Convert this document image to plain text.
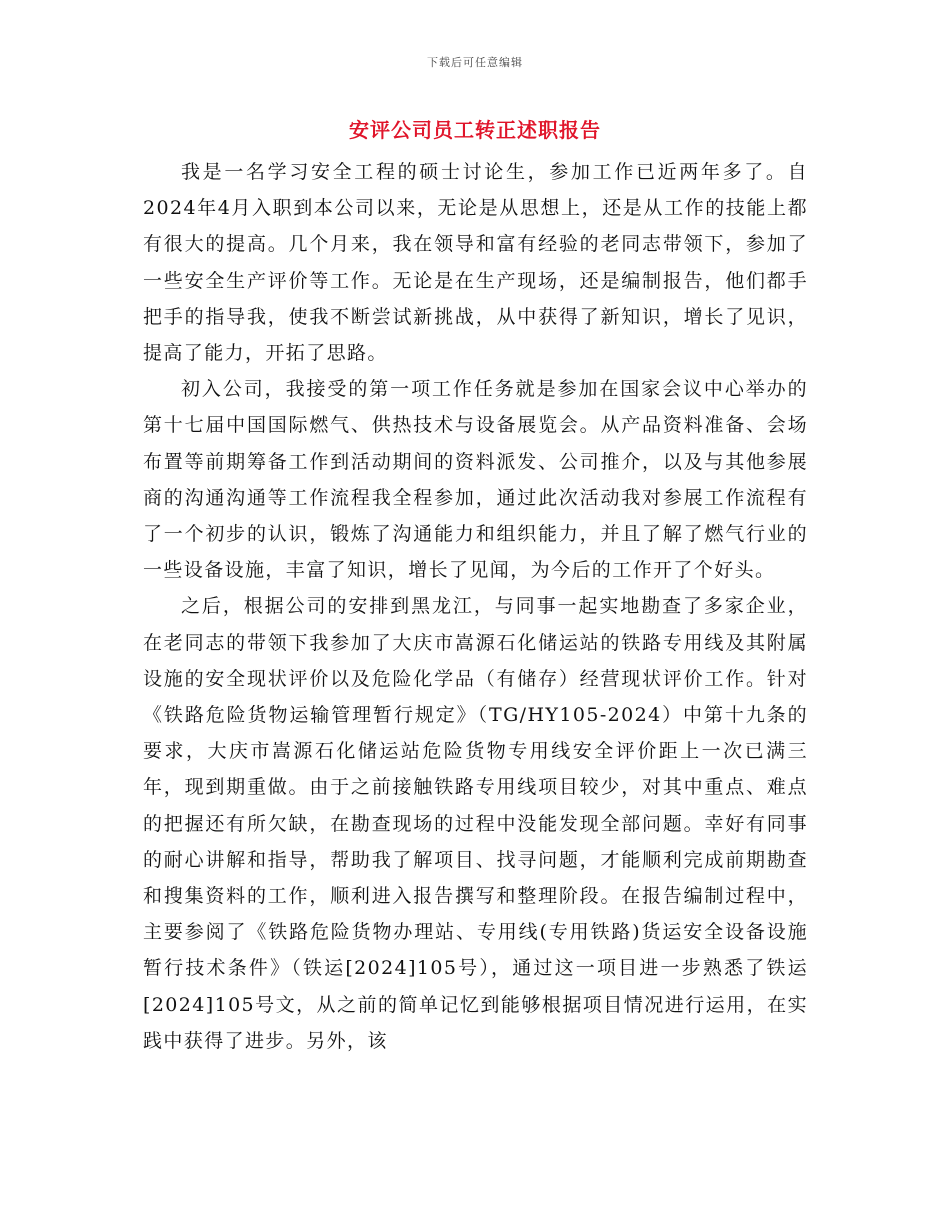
下载后可任意编辑
安评公司员工转正述职报告

我是一名学习安全工程的硕士讨论生，参加工作已近两年多了。自2024年4月入职到本公司以来，无论是从思想上，还是从工作的技能上都有很大的提高。几个月来，我在领导和富有经验的老同志带领下，参加了一些安全生产评价等工作。无论是在生产现场，还是编制报告，他们都手把手的指导我，使我不断尝试新挑战，从中获得了新知识，增长了见识，提高了能力，开拓了思路。

初入公司，我接受的第一项工作任务就是参加在国家会议中心举办的第十七届中国国际燃气、供热技术与设备展览会。从产品资料准备、会场布置等前期筹备工作到活动期间的资料派发、公司推介，以及与其他参展商的沟通沟通等工作流程我全程参加，通过此次活动我对参展工作流程有了一个初步的认识，锻炼了沟通能力和组织能力，并且了解了燃气行业的一些设备设施，丰富了知识，增长了见闻，为今后的工作开了个好头。

之后，根据公司的安排到黑龙江，与同事一起实地勘查了多家企业，在老同志的带领下我参加了大庆市嵩源石化储运站的铁路专用线及其附属设施的安全现状评价以及危险化学品（有储存）经营现状评价工作。针对《铁路危险货物运输管理暂行规定》（TG/HY105-2024）中第十九条的要求，大庆市嵩源石化储运站危险货物专用线安全评价距上一次已满三年，现到期重做。由于之前接触铁路专用线项目较少，对其中重点、难点的把握还有所欠缺，在勘查现场的过程中没能发现全部问题。幸好有同事的耐心讲解和指导，帮助我了解项目、找寻问题，才能顺利完成前期勘查和搜集资料的工作，顺利进入报告撰写和整理阶段。在报告编制过程中，主要参阅了《铁路危险货物办理站、专用线(专用铁路)货运安全设备设施暂行技术条件》（铁运[2024]105号），通过这一项目进一步熟悉了铁运[2024]105号文，从之前的简单记忆到能够根据项目情况进行运用，在实践中获得了进步。另外，该
